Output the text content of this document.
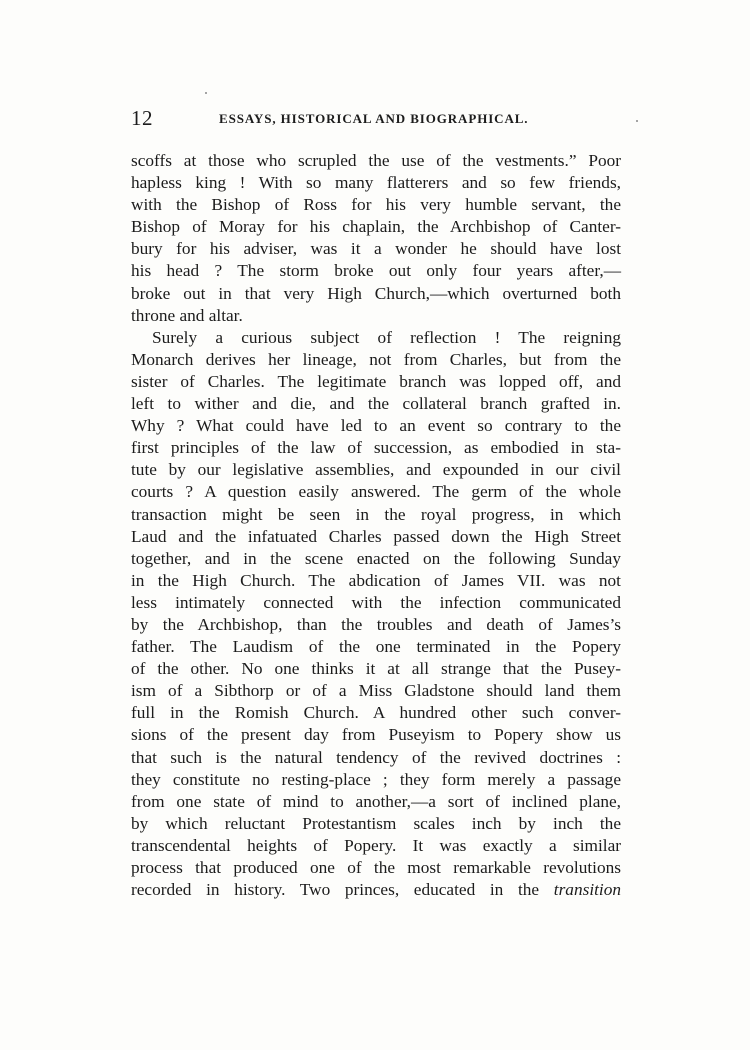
12	ESSAYS, HISTORICAL AND BIOGRAPHICAL.
scoffs at those who scrupled the use of the vestments.” Poor
hapless king ! With so many flatterers and so few friends,
with the Bishop of Ross for his very humble servant, the
Bishop of Moray for his chaplain, the Archbishop of Canter-
bury for his adviser, was it a wonder he should have lost
his head ? The storm broke out only four years after,—
broke out in that very High Church,—which overturned both
throne and altar.
Surely a curious subject of reflection ! The reigning
Monarch derives her lineage, not from Charles, but from the
sister of Charles. The legitimate branch was lopped off, and
left to wither and die, and the collateral branch grafted in.
Why ? What could have led to an event so contrary to the
first principles of the law of succession, as embodied in sta-
tute by our legislative assemblies, and expounded in our civil
courts ? A question easily answered. The germ of the whole
transaction might be seen in the royal progress, in which
Laud and the infatuated Charles passed down the High Street
together, and in the scene enacted on the following Sunday
in the High Church. The abdication of James VII. was not
less intimately connected with the infection communicated
by the Archbishop, than the troubles and death of James’s
father. The Laudism of the one terminated in the Popery
of the other. No one thinks it at all strange that the Pusey-
ism of a Sibthorp or of a Miss Gladstone should land them
full in the Romish Church. A hundred other such conver-
sions of the present day from Puseyism to Popery show us
that such is the natural tendency of the revived doctrines :
they constitute no resting-place ; they form merely a passage
from one state of mind to another,—a sort of inclined plane,
by which reluctant Protestantism scales inch by inch the
transcendental heights of Popery. It was exactly a similar
process that produced one of the most remarkable revolutions
recorded in history. Two princes, educated in the transition
